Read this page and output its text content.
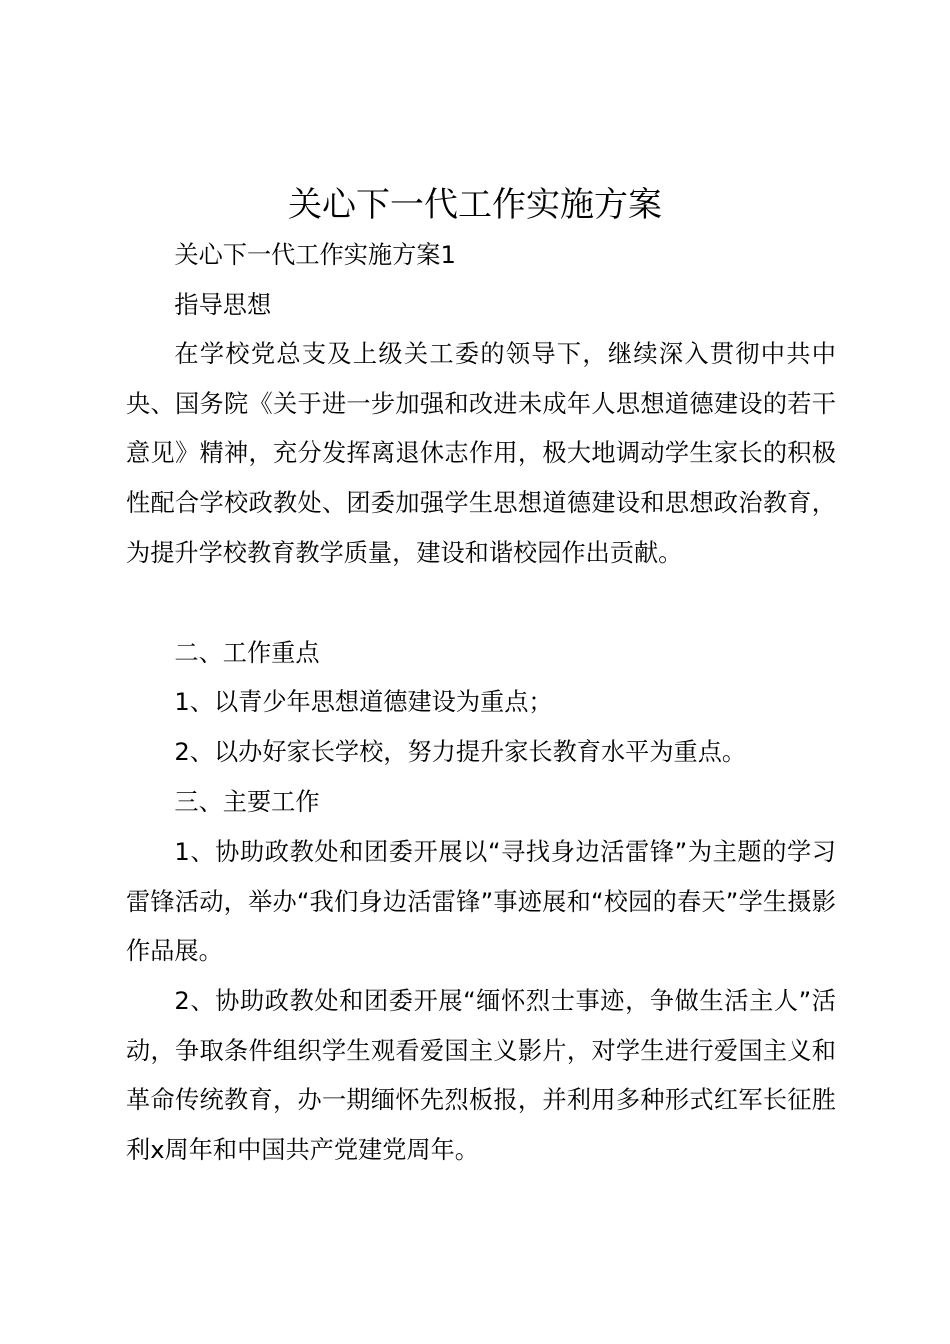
关心下一代工作实施方案

关心下一代工作实施方案1

指导思想

在学校党总支及上级关工委的领导下，继续深入贯彻中共中央、国务院《关于进一步加强和改进未成年人思想道德建设的若干意见》精神，充分发挥离退休志作用，极大地调动学生家长的积极性配合学校政教处、团委加强学生思想道德建设和思想政治教育，为提升学校教育教学质量，建设和谐校园作出贡献。

二、工作重点

1、以青少年思想道德建设为重点；

2、以办好家长学校，努力提升家长教育水平为重点。

三、主要工作

1、协助政教处和团委开展以“寻找身边活雷锋”为主题的学习雷锋活动，举办“我们身边活雷锋”事迹展和“校园的春天”学生摄影作品展。

2、协助政教处和团委开展“缅怀烈士事迹，争做生活主人”活动，争取条件组织学生观看爱国主义影片，对学生进行爱国主义和革命传统教育，办一期缅怀先烈板报，并利用多种形式红军长征胜利x周年和中国共产党建党周年。
